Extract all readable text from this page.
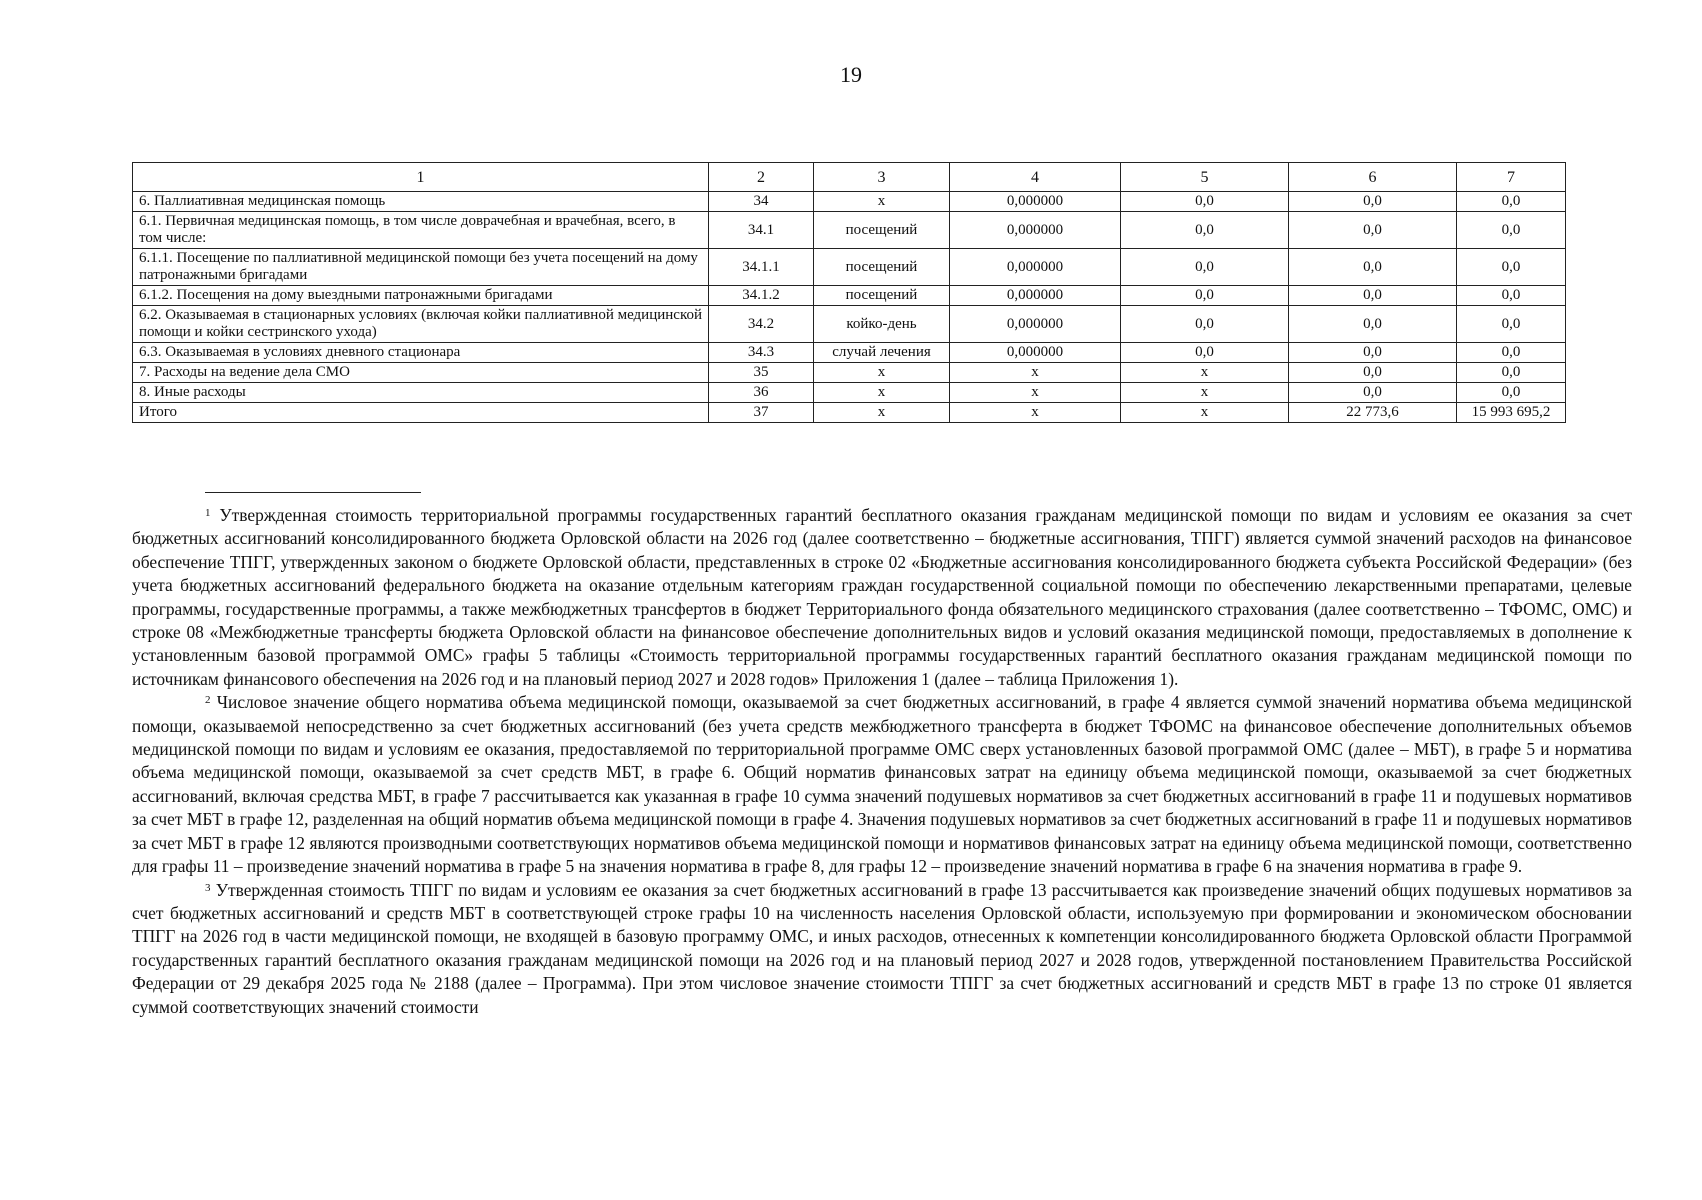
19
1	2	3	4	5	6	7
6. Паллиативная медицинская помощь	34	х	0,000000	0,0	0,0	0,0
6.1. Первичная медицинская помощь, в том числе доврачебная и врачебная, всего, в том числе:	34.1	посещений	0,000000	0,0	0,0	0,0
6.1.1. Посещение по паллиативной медицинской помощи без учета посещений на дому патронажными бригадами	34.1.1	посещений	0,000000	0,0	0,0	0,0
6.1.2. Посещения на дому выездными патронажными бригадами	34.1.2	посещений	0,000000	0,0	0,0	0,0
6.2. Оказываемая в стационарных условиях (включая койки паллиативной медицинской помощи и койки сестринского ухода)	34.2	койко-день	0,000000	0,0	0,0	0,0
6.3. Оказываемая в условиях дневного стационара	34.3	случай лечения	0,000000	0,0	0,0	0,0
7. Расходы на ведение дела СМО	35	х	х	х	0,0	0,0
8. Иные расходы	36	х	х	х	0,0	0,0
Итого	37	х	х	х	22 773,6	15 993 695,2

$^1$ Утвержденная стоимость территориальной программы государственных гарантий бесплатного оказания гражданам медицинской помощи по видам и условиям ее оказания за счет бюджетных ассигнований консолидированного бюджета Орловской области на 2026 год (далее соответственно – бюджетные ассигнования, ТПГГ) является суммой значений расходов на финансовое обеспечение ТПГГ, утвержденных законом о бюджете Орловской области, представленных в строке 02 «Бюджетные ассигнования консолидированного бюджета субъекта Российской Федерации» (без учета бюджетных ассигнований федерального бюджета на оказание отдельным категориям граждан государственной социальной помощи по обеспечению лекарственными препаратами, целевые программы, государственные программы, а также межбюджетных трансфертов в бюджет Территориального фонда обязательного медицинского страхования (далее соответственно – ТФОМС, ОМС) и строке 08 «Межбюджетные трансферты бюджета Орловской области на финансовое обеспечение дополнительных видов и условий оказания медицинской помощи, предоставляемых в дополнение к установленным базовой программой ОМС» графы 5 таблицы «Стоимость территориальной программы государственных гарантий бесплатного оказания гражданам медицинской помощи по источникам финансового обеспечения на 2026 год и на плановый период 2027 и 2028 годов» Приложения 1 (далее – таблица Приложения 1).

$^2$ Числовое значение общего норматива объема медицинской помощи, оказываемой за счет бюджетных ассигнований, в графе 4 является суммой значений норматива объема медицинской помощи, оказываемой непосредственно за счет бюджетных ассигнований (без учета средств межбюджетного трансферта в бюджет ТФОМС на финансовое обеспечение дополнительных объемов медицинской помощи по видам и условиям ее оказания, предоставляемой по территориальной программе ОМС сверх установленных базовой программой ОМС (далее – МБТ), в графе 5 и норматива объема медицинской помощи, оказываемой за счет средств МБТ, в графе 6. Общий норматив финансовых затрат на единицу объема медицинской помощи, оказываемой за счет бюджетных ассигнований, включая средства МБТ, в графе 7 рассчитывается как указанная в графе 10 сумма значений подушевых нормативов за счет бюджетных ассигнований в графе 11 и подушевых нормативов за счет МБТ в графе 12, разделенная на общий норматив объема медицинской помощи в графе 4. Значения подушевых нормативов за счет бюджетных ассигнований в графе 11 и подушевых нормативов за счет МБТ в графе 12 являются производными соответствующих нормативов объема медицинской помощи и нормативов финансовых затрат на единицу объема медицинской помощи, соответственно для графы 11 – произведение значений норматива в графе 5 на значения норматива в графе 8, для графы 12 – произведение значений норматива в графе 6 на значения норматива в графе 9.

$^3$ Утвержденная стоимость ТПГГ по видам и условиям ее оказания за счет бюджетных ассигнований в графе 13 рассчитывается как произведение значений общих подушевых нормативов за счет бюджетных ассигнований и средств МБТ в соответствующей строке графы 10 на численность населения Орловской области, используемую при формировании и экономическом обосновании ТПГГ на 2026 год в части медицинской помощи, не входящей в базовую программу ОМС, и иных расходов, отнесенных к компетенции консолидированного бюджета Орловской области Программой государственных гарантий бесплатного оказания гражданам медицинской помощи на 2026 год и на плановый период 2027 и 2028 годов, утвержденной постановлением Правительства Российской Федерации от 29 декабря 2025 года № 2188 (далее – Программа). При этом числовое значение стоимости ТПГГ за счет бюджетных ассигнований и средств МБТ в графе 13 по строке 01 является суммой соответствующих значений стоимости
